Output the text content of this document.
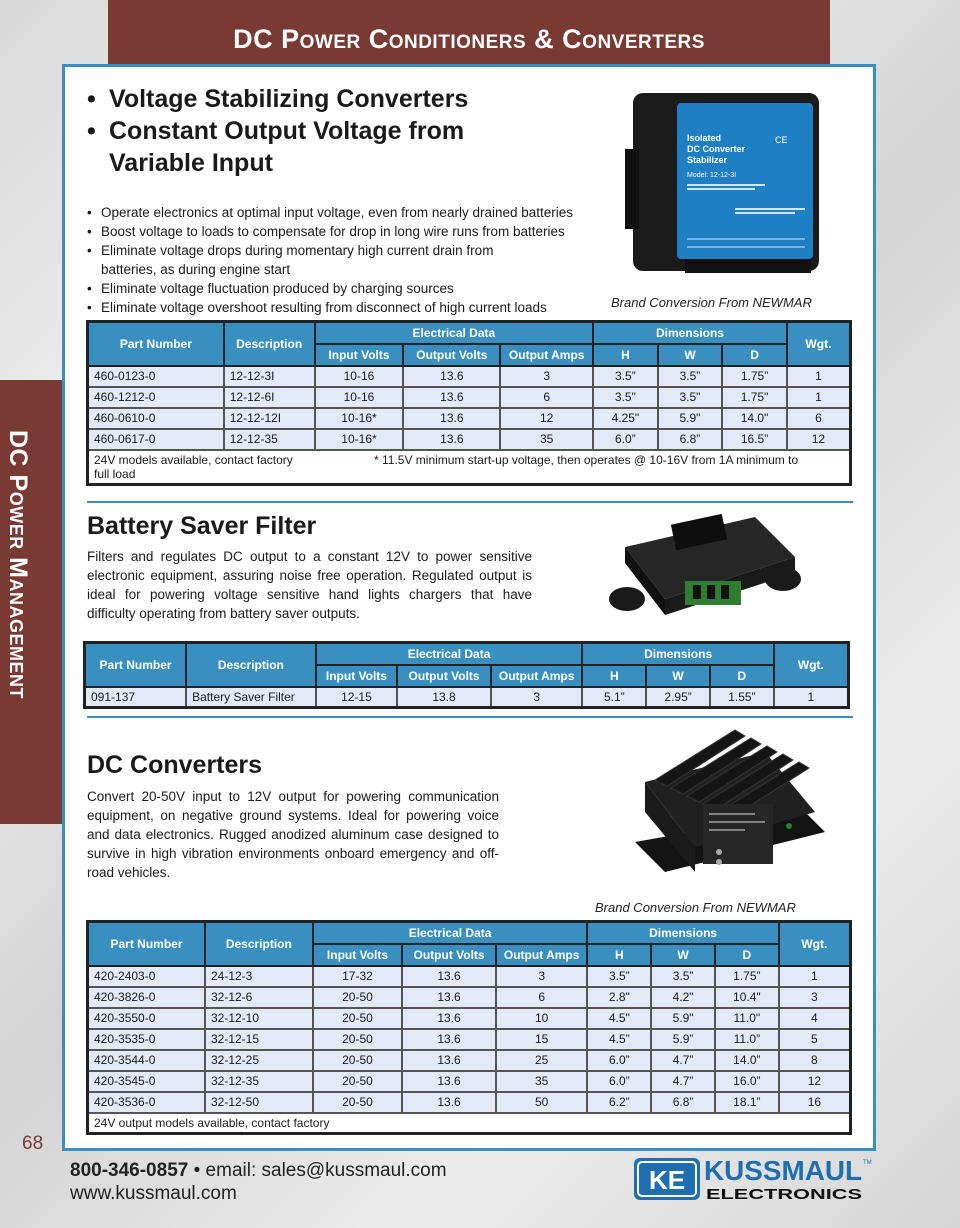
DC Power Conditioners & Converters
DC Power Management
• Voltage Stabilizing Converters
• Constant Output Voltage from
Variable Input
• Operate electronics at optimal input voltage, even from nearly drained batteries
• Boost voltage to loads to compensate for drop in long wire runs from batteries
• Eliminate voltage drops during momentary high current drain from
batteries, as during engine start
• Eliminate voltage fluctuation produced by charging sources
• Eliminate voltage overshoot resulting from disconnect of high current loads
Isolated
DC Converter
Stabilizer
Model: 12-12-3I
CE
Brand Conversion From NEWMAR
Part Number	Description	Electrical Data			Dimensions			Wgt.
		Input Volts	Output Volts	Output Amps	H	W	D	
460-0123-0	12-12-3I	10-16	13.6	3	3.5”	3.5”	1.75”	1
460-1212-0	12-12-6I	10-16	13.6	6	3.5"	3.5"	1.75"	1
460-0610-0	12-12-12I	10-16*	13.6	12	4.25"	5.9"	14.0"	6
460-0617-0	12-12-35	10-16*	13.6	35	6.0”	6.8”	16.5”	12
24V models available, contact factory * 11.5V minimum start-up voltage, then operates @ 10-16V from 1A minimum to
full load								
Battery Saver Filter
Filters and regulates DC output to a constant 12V to power sensitive electronic equipment, assuring noise free operation. Regulated output is ideal for powering voltage sensitive hand lights chargers that have difficulty operating from battery saver outputs.
Part Number	Description	Electrical Data			Dimensions			Wgt.
		Input Volts	Output Volts	Output Amps	H	W	D	
091-137	Battery Saver Filter	12-15	13.8	3	5.1”	2.95”	1.55”	1
DC Converters
Convert 20-50V input to 12V output for powering communication equipment, on negative ground systems. Ideal for powering voice and data electronics. Rugged anodized aluminum case designed to survive in high vibration environments onboard emergency and off-road vehicles.
Brand Conversion From NEWMAR
Part Number	Description	Electrical Data			Dimensions			Wgt.
		Input Volts	Output Volts	Output Amps	H	W	D	
420-2403-0	24-12-3	17-32	13.6	3	3.5”	3.5”	1.75”	1
420-3826-0	32-12-6	20-50	13.6	6	2.8"	4.2"	10.4"	3
420-3550-0	32-12-10	20-50	13.6	10	4.5"	5.9"	11.0"	4
420-3535-0	32-12-15	20-50	13.6	15	4.5”	5.9”	11.0”	5
420-3544-0	32-12-25	20-50	13.6	25	6.0”	4.7”	14.0”	8
420-3545-0	32-12-35	20-50	13.6	35	6.0”	4.7”	16.0”	12
420-3536-0	32-12-50	20-50	13.6	50	6.2”	6.8”	18.1”	16
24V output models available, contact factory								
68
800-346-0857 • email: sales@kussmaul.com
www.kussmaul.com	KE KUSSMAUL TM
ELECTRONICS
